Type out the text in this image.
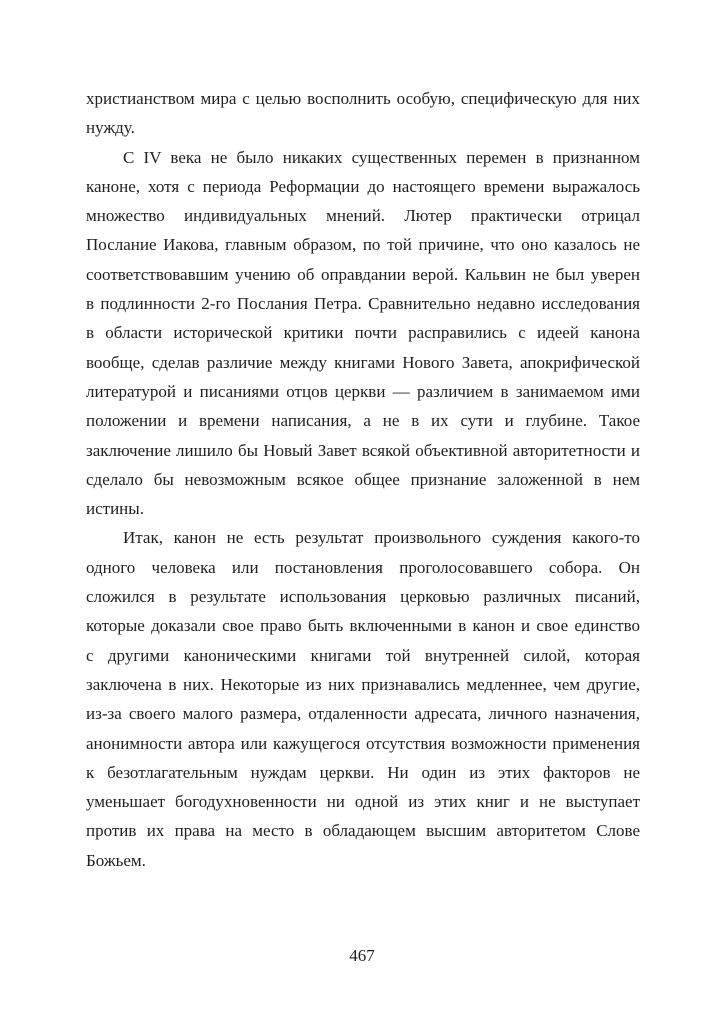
христианством мира с целью восполнить особую, специфическую для них нужду.

С IV века не было никаких существенных перемен в признанном каноне, хотя с периода Реформации до настоящего времени выражалось множество индивидуальных мнений. Лютер практически отрицал Послание Иакова, главным образом, по той причине, что оно казалось не соответствовавшим учению об оправдании верой. Кальвин не был уверен в подлинности 2-го Послания Петра. Сравнительно недавно исследования в области исторической критики почти расправились с идеей канона вообще, сделав различие между книгами Нового Завета, апокрифической литературой и писаниями отцов церкви — различием в занимаемом ими положении и времени написания, а не в их сути и глубине. Такое заключение лишило бы Новый Завет всякой объективной авторитетности и сделало бы невозможным всякое общее признание заложенной в нем истины.

Итак, канон не есть результат произвольного суждения какого-то одного человека или постановления проголосовавшего собора. Он сложился в результате использования церковью различных писаний, которые доказали свое право быть включенными в канон и свое единство с другими каноническими книгами той внутренней силой, которая заключена в них. Некоторые из них признавались медленнее, чем другие, из-за своего малого размера, отдаленности адресата, личного назначения, анонимности автора или кажущегося отсутствия возможности применения к безотлагательным нуждам церкви. Ни один из этих факторов не уменьшает богодухновенности ни одной из этих книг и не выступает против их права на место в обладающем высшим авторитетом Слове Божьем.

467
